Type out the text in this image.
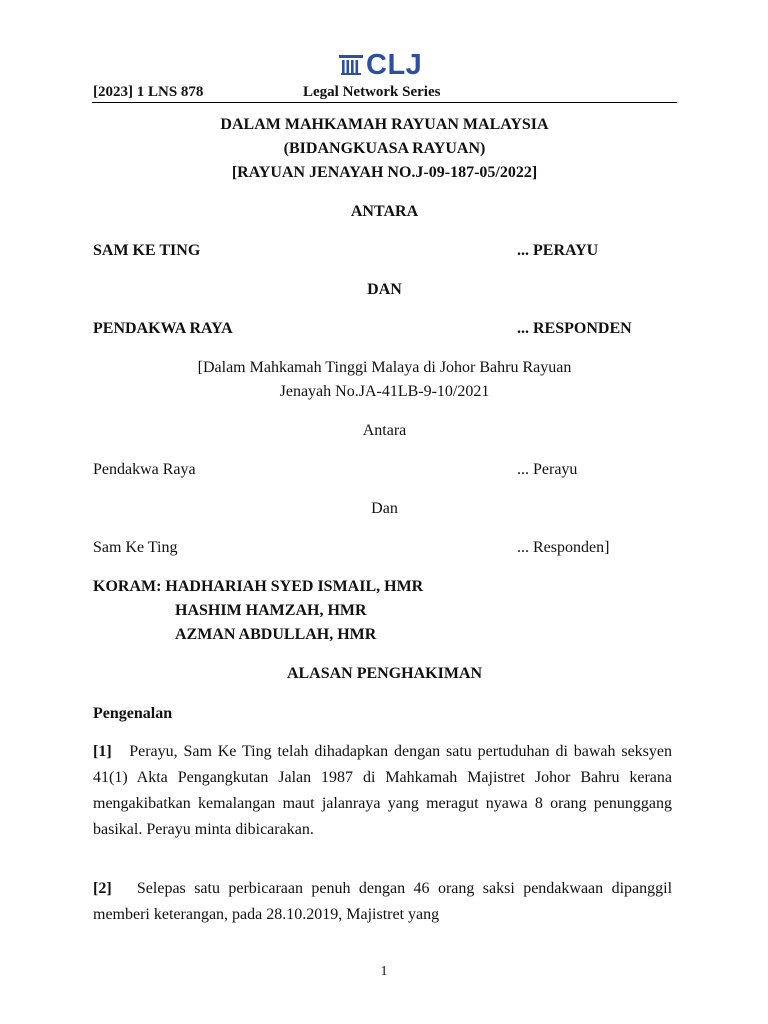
CLJ
[2023] 1 LNS 878	Legal Network Series
DALAM MAHKAMAH RAYUAN MALAYSIA
(BIDANGKUASA RAYUAN)
[RAYUAN JENAYAH NO.J-09-187-05/2022]
ANTARA
SAM KE TING	... PERAYU
DAN
PENDAKWA RAYA	... RESPONDEN
[Dalam Mahkamah Tinggi Malaya di Johor Bahru Rayuan
Jenayah No.JA-41LB-9-10/2021
Antara
Pendakwa Raya	... Perayu
Dan
Sam Ke Ting	... Responden]
KORAM: HADHARIAH SYED ISMAIL, HMR
HASHIM HAMZAH, HMR
AZMAN ABDULLAH, HMR
ALASAN PENGHAKIMAN
Pengenalan
[1] Perayu, Sam Ke Ting telah dihadapkan dengan satu pertuduhan di bawah seksyen 41(1) Akta Pengangkutan Jalan 1987 di Mahkamah Majistret Johor Bahru kerana mengakibatkan kemalangan maut jalanraya yang meragut nyawa 8 orang penunggang basikal. Perayu minta dibicarakan.
[2] Selepas satu perbicaraan penuh dengan 46 orang saksi pendakwaan dipanggil memberi keterangan, pada 28.10.2019, Majistret yang
1
